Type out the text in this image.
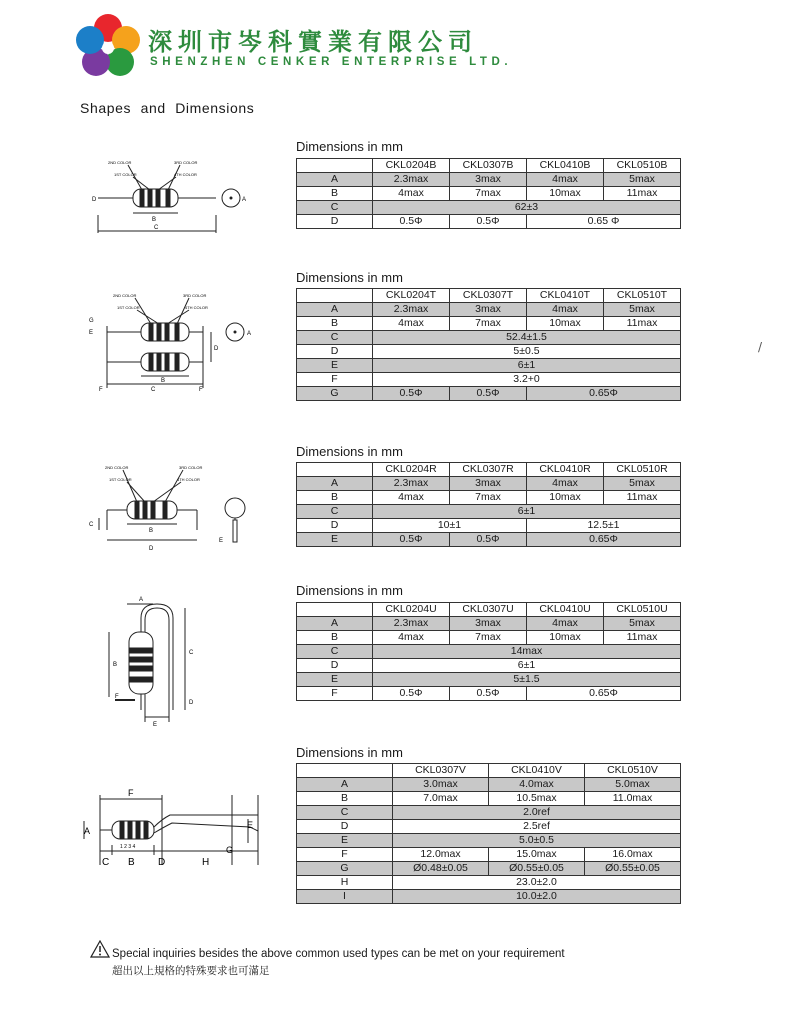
深圳市岑科實業有限公司
SHENZHEN CENKER ENTERPRISE LTD.
Shapes and Dimensions
/
Dimensions in mm
	CKL0204B	CKL0307B	CKL0410B	CKL0510B
A	2.3max	3max	4max	5max
B	4max	7max	10max	11max
C	62±3			
D	0.5Φ	0.5Φ	0.65 Φ	
2ND COLOR	3RD COLOR
1ST COLOR	4TH COLOR
D
B
C
A
Dimensions in mm
	CKL0204T	CKL0307T	CKL0410T	CKL0510T
A	2.3max	3max	4max	5max
B	4max	7max	10max	11max
C	52.4±1.5			
D	5±0.5			
E	6±1			
F	3.2+0			
G	0.5Φ	0.5Φ	0.65Φ	
2ND COLOR	3RD COLOR
1ST COLOR	4TH COLOR
G
E
D
B
C
F	F
A
Dimensions in mm
	CKL0204R	CKL0307R	CKL0410R	CKL0510R
A	2.3max	3max	4max	5max
B	4max	7max	10max	11max
C	6±1			
D	10±1		12.5±1	
E	0.5Φ	0.5Φ	0.65Φ	
2ND COLOR	3RD COLOR
1ST COLOR	4TH COLOR
C
B
D
E
Dimensions in mm
	CKL0204U	CKL0307U	CKL0410U	CKL0510U
A	2.3max	3max	4max	5max
B	4max	7max	10max	11max
C	14max			
D	6±1			
E	5±1.5			
F	0.5Φ	0.5Φ	0.65Φ	
A
B
C
D
F
E
Dimensions in mm
	CKL0307V	CKL0410V	CKL0510V
A	3.0max	4.0max	5.0max
B	7.0max	10.5max	11.0max
C	2.0ref		
D	2.5ref		
E	5.0±0.5		
F	12.0max	15.0max	16.0max
G	Ø0.48±0.05	Ø0.55±0.05	Ø0.55±0.05
H	23.0±2.0		
I	10.0±2.0		
F
A
E
G
1 2 3 4
C B D	H
Special inquiries besides the above common used types can be met on your requirement
超出以上規格的特殊要求也可滿足
